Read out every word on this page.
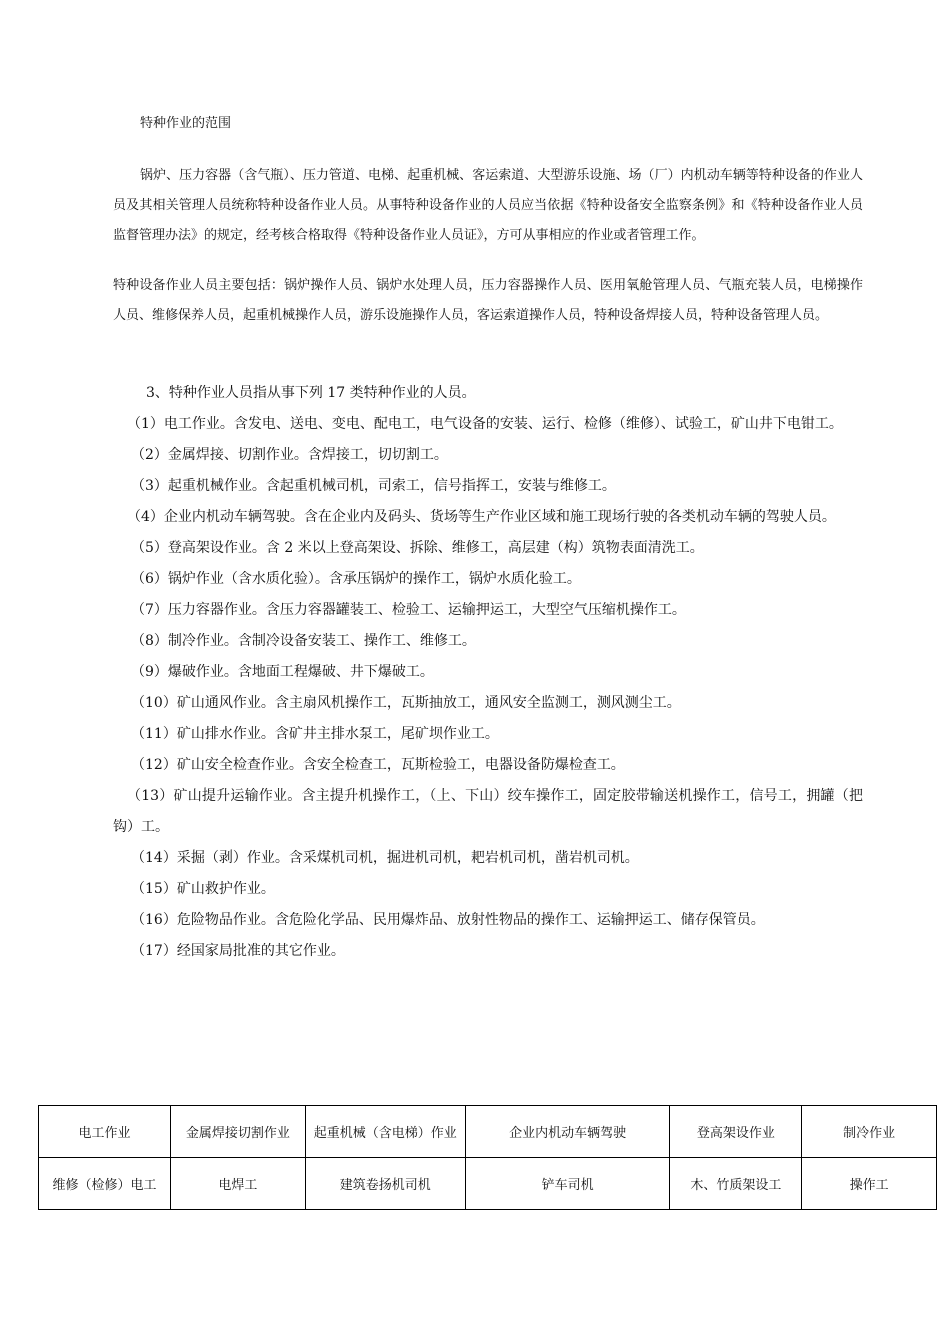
特种作业的范围
锅炉、压力容器（含气瓶）、压力管道、电梯、起重机械、客运索道、大型游乐设施、场（厂）内机动车辆等特种设备的作业人员及其相关管理人员统称特种设备作业人员。从事特种设备作业的人员应当依据《特种设备安全监察条例》和《特种设备作业人员监督管理办法》的规定，经考核合格取得《特种设备作业人员证》，方可从事相应的作业或者管理工作。
特种设备作业人员主要包括：锅炉操作人员、锅炉水处理人员，压力容器操作人员、医用氧舱管理人员、气瓶充装人员，电梯操作人员、维修保养人员，起重机械操作人员，游乐设施操作人员，客运索道操作人员，特种设备焊接人员，特种设备管理人员。
3、特种作业人员指从事下列 17 类特种作业的人员。
（1）电工作业。含发电、送电、变电、配电工，电气设备的安装、运行、检修（维修）、试验工，矿山井下电钳工。
（2）金属焊接、切割作业。含焊接工，切切割工。
（3）起重机械作业。含起重机械司机，司索工，信号指挥工，安装与维修工。
（4）企业内机动车辆驾驶。含在企业内及码头、货场等生产作业区域和施工现场行驶的各类机动车辆的驾驶人员。
（5）登高架设作业。含 2 米以上登高架设、拆除、维修工，高层建（构）筑物表面清洗工。
（6）锅炉作业（含水质化验）。含承压锅炉的操作工，锅炉水质化验工。
（7）压力容器作业。含压力容器罐装工、检验工、运输押运工，大型空气压缩机操作工。
（8）制冷作业。含制冷设备安装工、操作工、维修工。
（9）爆破作业。含地面工程爆破、井下爆破工。
（10）矿山通风作业。含主扇风机操作工，瓦斯抽放工，通风安全监测工，测风测尘工。
（11）矿山排水作业。含矿井主排水泵工，尾矿坝作业工。
（12）矿山安全检查作业。含安全检查工，瓦斯检验工，电器设备防爆检查工。
（13）矿山提升运输作业。含主提升机操作工，（上、下山）绞车操作工，固定胶带输送机操作工，信号工，拥罐（把钩）工。
（14）采掘（剥）作业。含采煤机司机，掘进机司机，耙岩机司机，凿岩机司机。
（15）矿山救护作业。
（16）危险物品作业。含危险化学品、民用爆炸品、放射性物品的操作工、运输押运工、储存保管员。
（17）经国家局批准的其它作业。
电工作业	金属焊接切割作业	起重机械（含电梯）作业	企业内机动车辆驾驶	登高架设作业	制冷作业
维修（检修）电工	电焊工	建筑卷扬机司机	铲车司机	木、竹质架设工	操作工
